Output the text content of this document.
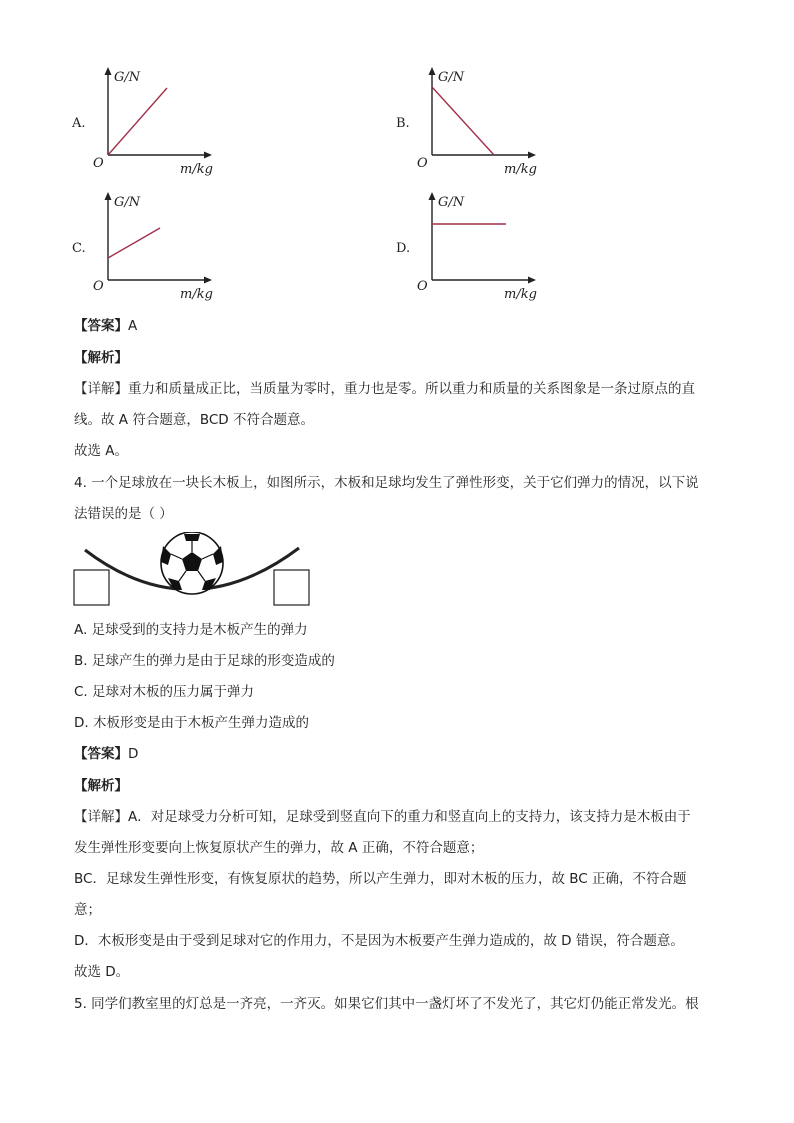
A.
G/N
O	m/kg
B.
G/N
O	m/kg
C.
G/N
O
m/kg
D.
G/N
O
m/kg
【答案】A
【解析】
【详解】重力和质量成正比，当质量为零时，重力也是零。所以重力和质量的关系图象是一条过原点的直
线。故 A 符合题意，BCD 不符合题意。
故选 A。
4. 一个足球放在一块长木板上，如图所示，木板和足球均发生了弹性形变，关于它们弹力的情况，以下说
法错误的是（ ）
A. 足球受到的支持力是木板产生的弹力
B. 足球产生的弹力是由于足球的形变造成的
C. 足球对木板的压力属于弹力
D. 木板形变是由于木板产生弹力造成的
【答案】D
【解析】
【详解】A．对足球受力分析可知，足球受到竖直向下的重力和竖直向上的支持力，该支持力是木板由于
发生弹性形变要向上恢复原状产生的弹力，故 A 正确，不符合题意；
BC．足球发生弹性形变，有恢复原状的趋势，所以产生弹力，即对木板的压力，故 BC 正确，不符合题
意；
D．木板形变是由于受到足球对它的作用力，不是因为木板要产生弹力造成的，故 D 错误，符合题意。
故选 D。
5. 同学们教室里的灯总是一齐亮，一齐灭。如果它们其中一盏灯坏了不发光了，其它灯仍能正常发光。根
